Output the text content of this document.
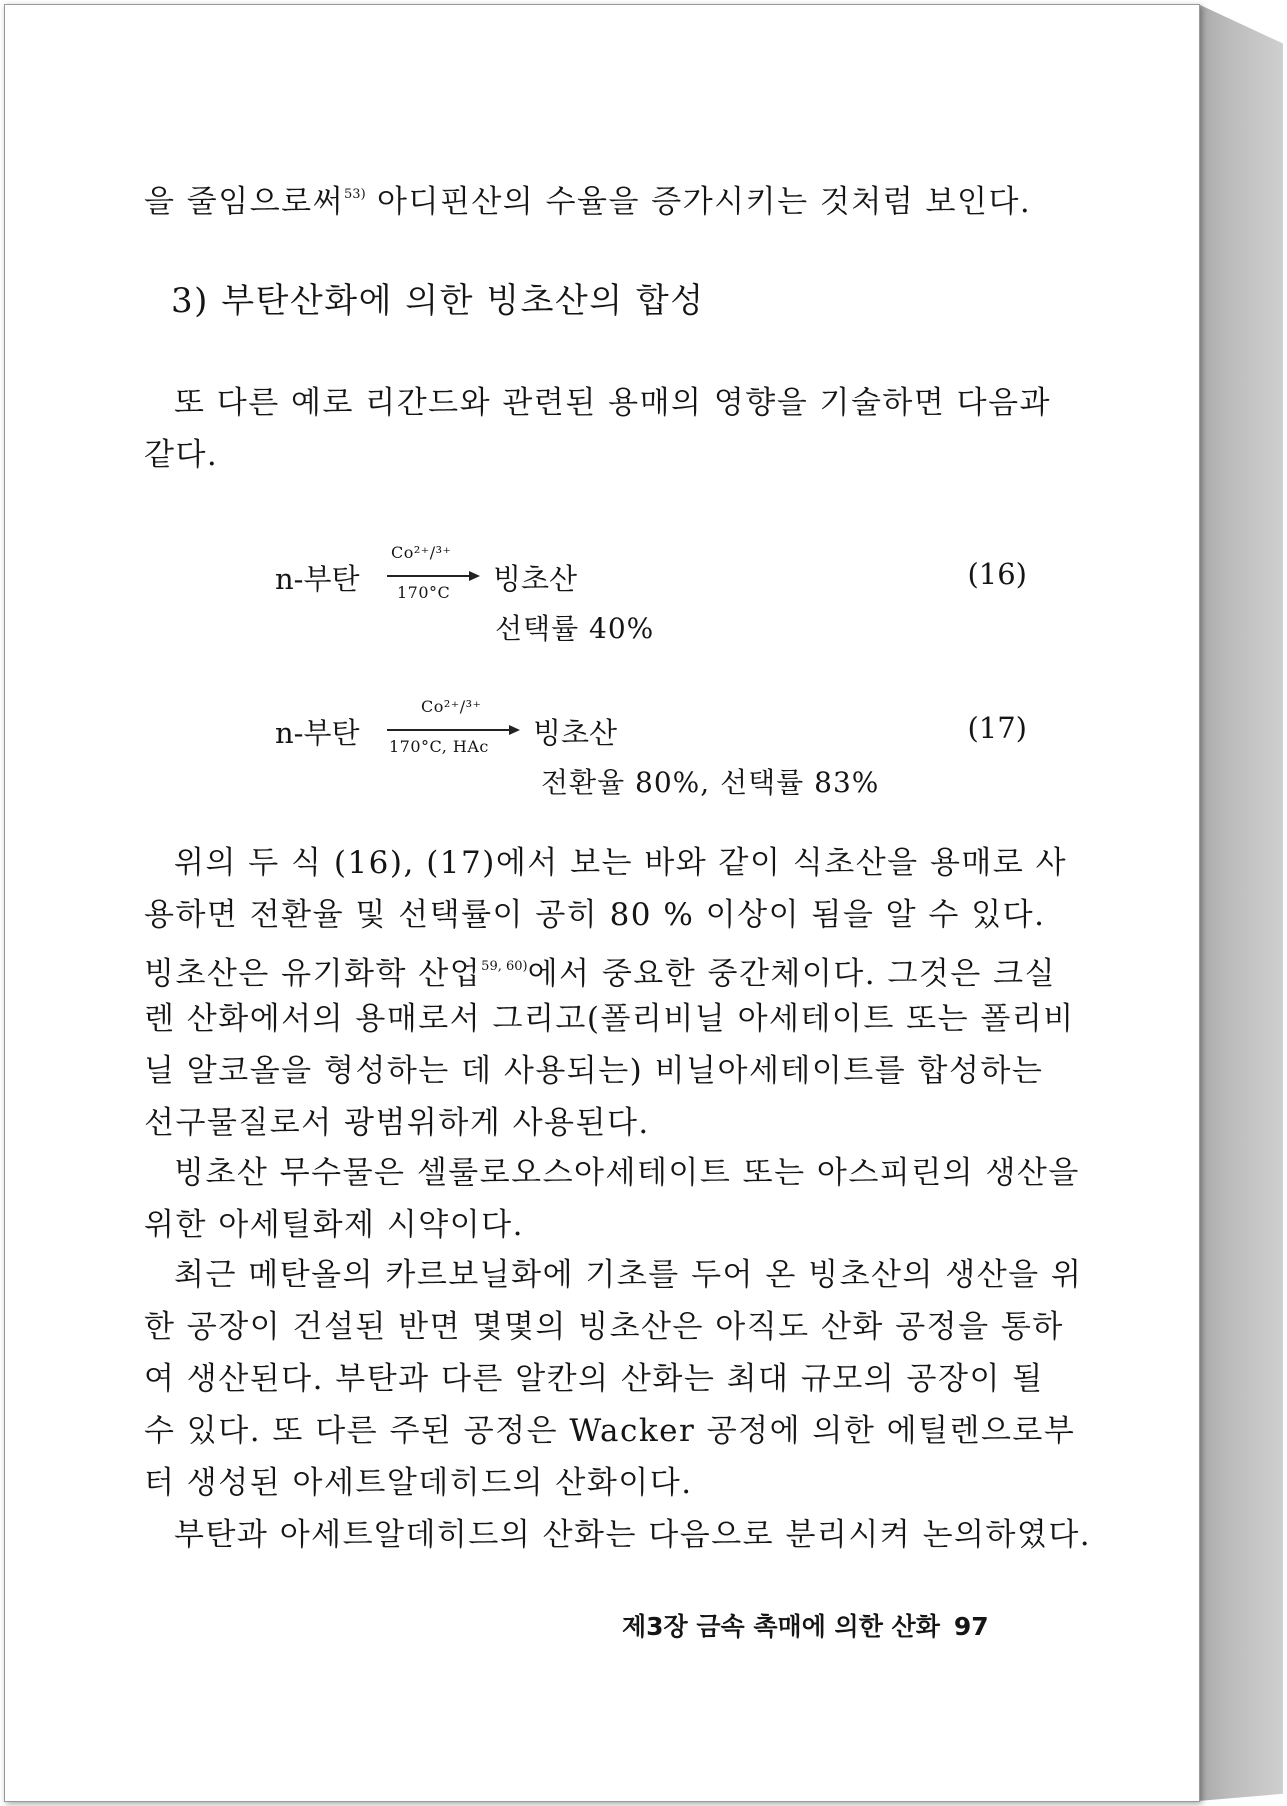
을 줄임으로써$^{53)}$ 아디핀산의 수율을 증가시키는 것처럼 보인다.
3) 부탄산화에 의한 빙초산의 합성
또 다른 예로 리간드와 관련된 용매의 영향을 기술하면 다음과
같다.
n-부탄
Co²⁺/³⁺
170°C 빙초산	(16)
선택률 40%
n-부탄
Co²⁺/³⁺
170°C, HAc 빙초산	(17)
전환율 80%, 선택률 83%
위의 두 식 (16), (17)에서 보는 바와 같이 식초산을 용매로 사
용하면 전환율 및 선택률이 공히 80 % 이상이 됨을 알 수 있다.
빙초산은 유기화학 산업$^{59, 60)}$에서 중요한 중간체이다. 그것은 크실
렌 산화에서의 용매로서 그리고(폴리비닐 아세테이트 또는 폴리비
닐 알코올을 형성하는 데 사용되는) 비닐아세테이트를 합성하는
선구물질로서 광범위하게 사용된다.
빙초산 무수물은 셀룰로오스아세테이트 또는 아스피린의 생산을
위한 아세틸화제 시약이다.
최근 메탄올의 카르보닐화에 기초를 두어 온 빙초산의 생산을 위
한 공장이 건설된 반면 몇몇의 빙초산은 아직도 산화 공정을 통하
여 생산된다. 부탄과 다른 알칸의 산화는 최대 규모의 공장이 될
수 있다. 또 다른 주된 공정은 Wacker 공정에 의한 에틸렌으로부
터 생성된 아세트알데히드의 산화이다.
부탄과 아세트알데히드의 산화는 다음으로 분리시켜 논의하였다.
제3장 금속 촉매에 의한 산화 97
